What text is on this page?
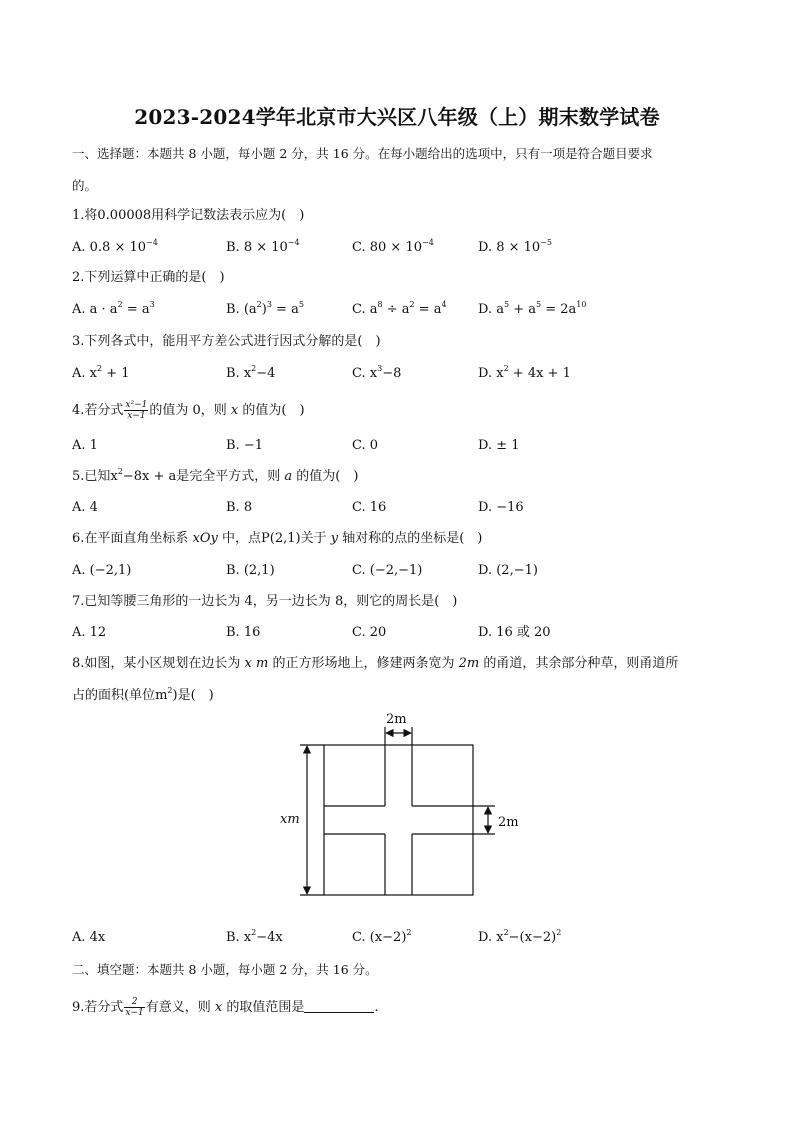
2023-2024学年北京市大兴区八年级（上）期末数学试卷
一、选择题：本题共 8 小题，每小题 2 分，共 16 分。在每小题给出的选项中，只有一项是符合题目要求
的。
1.将0.00008用科学记数法表示应为(　)
A. $0.8 \times 10^{-4}$	B. $8 \times 10^{-4}$	C. $80 \times 10^{-4}$	D. $8 \times 10^{-5}$
2.下列运算中正确的是(　)
A. $a \cdot a^2 = a^3$	B. $(a^2)^3 = a^5$	C. $a^8 \div a^2 = a^4$ D. $a^5 + a^5 = 2a^{10}$
3.下列各式中，能用平方差公式进行因式分解的是(　)
A. $x^2 + 1$	B. $x^2-4$	C. $x^3-8$	D. $x^2 + 4x + 1$
4.若分式 $\frac{\text{x²−1}}{x-1}$ 的值为 0，则 x 的值为(　)
A. 1	B. −1	C. 0	D. ± 1
5.已知$x^2-8x + a$是完全平方式，则 a 的值为(　)
A. 4	B. 8	C. 16	D. −16
6.在平面直角坐标系 xOy 中，点P(2,1)关于 y 轴对称的点的坐标是(　)
A. (−2,1)	B. (2,1)	C. (−2,−1)	D. (2,−1)
7.已知等腰三角形的一边长为 4，另一边长为 8，则它的周长是(　)
A. 12	B. 16	C. 20	D. 16 或 20
8.如图，某小区规划在边长为 x m 的正方形场地上，修建两条宽为 2m 的甬道，其余部分种草，则甬道所
占的面积(单位$m^2$)是(　)
2m
2m
xm
A. 4x	B. $x^2-4x$	C. $(x-2)^2$	D. $x^2-(x-2)^2$
二、填空题：本题共 8 小题，每小题 2 分，共 16 分。
9.若分式 $\frac{2}{x-1}$ 有意义，则 x 的取值范围是	.
